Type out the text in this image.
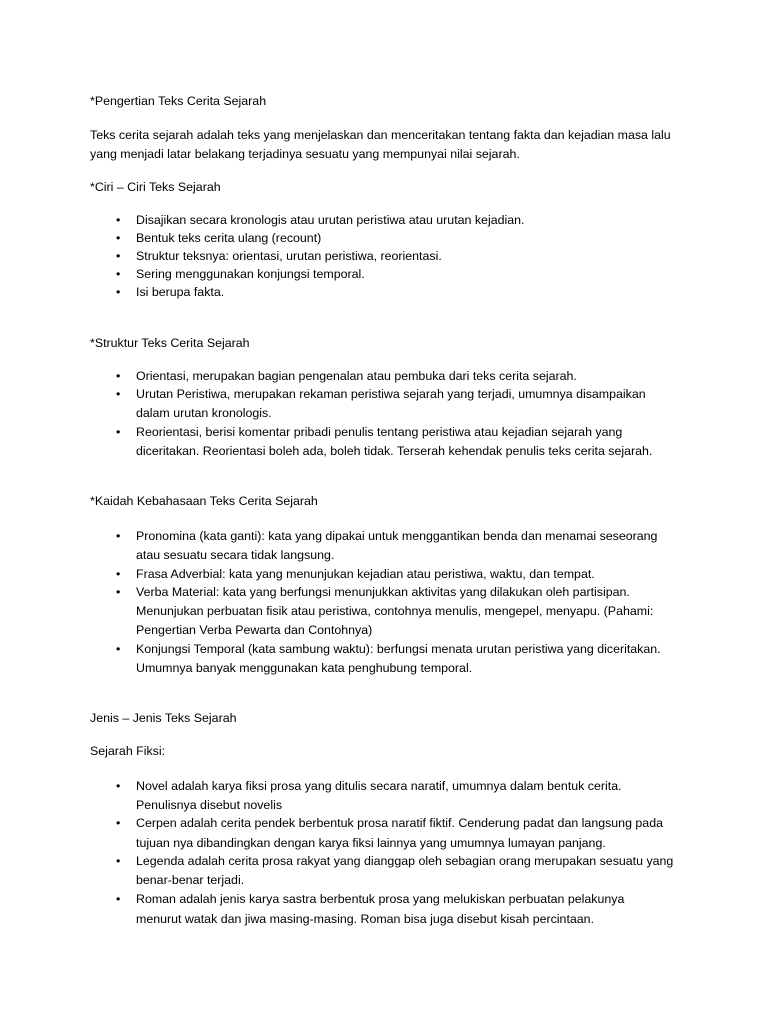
*Pengertian Teks Cerita Sejarah
Teks cerita sejarah adalah teks yang menjelaskan dan menceritakan tentang fakta dan kejadian masa lalu
yang menjadi latar belakang terjadinya sesuatu yang mempunyai nilai sejarah.
*Ciri – Ciri Teks Sejarah
• Disajikan secara kronologis atau urutan peristiwa atau urutan kejadian.
• Bentuk teks cerita ulang (recount)
• Struktur teksnya: orientasi, urutan peristiwa, reorientasi.
• Sering menggunakan konjungsi temporal.
• Isi berupa fakta.
*Struktur Teks Cerita Sejarah
• Orientasi, merupakan bagian pengenalan atau pembuka dari teks cerita sejarah.
• Urutan Peristiwa, merupakan rekaman peristiwa sejarah yang terjadi, umumnya disampaikan
dalam urutan kronologis.
• Reorientasi, berisi komentar pribadi penulis tentang peristiwa atau kejadian sejarah yang
diceritakan. Reorientasi boleh ada, boleh tidak. Terserah kehendak penulis teks cerita sejarah.
*Kaidah Kebahasaan Teks Cerita Sejarah
• Pronomina (kata ganti): kata yang dipakai untuk menggantikan benda dan menamai seseorang
atau sesuatu secara tidak langsung.
• Frasa Adverbial: kata yang menunjukan kejadian atau peristiwa, waktu, dan tempat.
• Verba Material: kata yang berfungsi menunjukkan aktivitas yang dilakukan oleh partisipan.
Menunjukan perbuatan fisik atau peristiwa, contohnya menulis, mengepel, menyapu. (Pahami:
Pengertian Verba Pewarta dan Contohnya)
• Konjungsi Temporal (kata sambung waktu): berfungsi menata urutan peristiwa yang diceritakan.
Umumnya banyak menggunakan kata penghubung temporal.
Jenis – Jenis Teks Sejarah
Sejarah Fiksi:
• Novel adalah karya fiksi prosa yang ditulis secara naratif, umumnya dalam bentuk cerita.
Penulisnya disebut novelis
• Cerpen adalah cerita pendek berbentuk prosa naratif fiktif. Cenderung padat dan langsung pada
tujuan nya dibandingkan dengan karya fiksi lainnya yang umumnya lumayan panjang.
• Legenda adalah cerita prosa rakyat yang dianggap oleh sebagian orang merupakan sesuatu yang
benar-benar terjadi.
• Roman adalah jenis karya sastra berbentuk prosa yang melukiskan perbuatan pelakunya
menurut watak dan jiwa masing-masing. Roman bisa juga disebut kisah percintaan.
